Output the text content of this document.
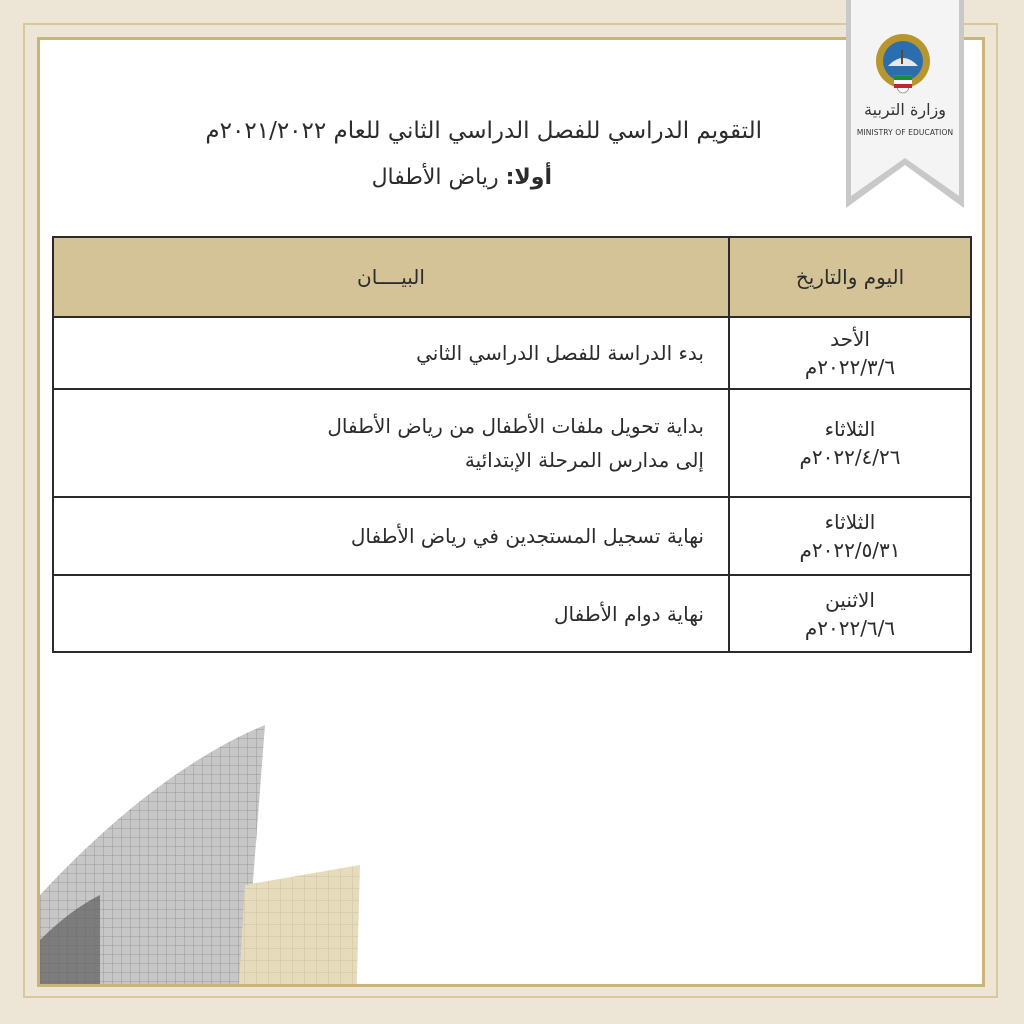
وزارة التربية
MINISTRY OF EDUCATION
التقويم الدراسي للفصل الدراسي الثاني للعام ٢٠٢١/٢٠٢٢م
أولا: رياض الأطفال
اليوم والتاريخ	البيــــان

الأحد
٢٠٢٢/٣/٦م	بدء الدراسة للفصل الدراسي الثاني

الثلاثاء
٢٠٢٢/٤/٢٦م	بداية تحويل ملفات الأطفال من رياض الأطفال
إلى مدارس المرحلة الإبتدائية

الثلاثاء
٢٠٢٢/٥/٣١م	نهاية تسجيل المستجدين في رياض الأطفال

الاثنين
٢٠٢٢/٦/٦م	نهاية دوام الأطفال
